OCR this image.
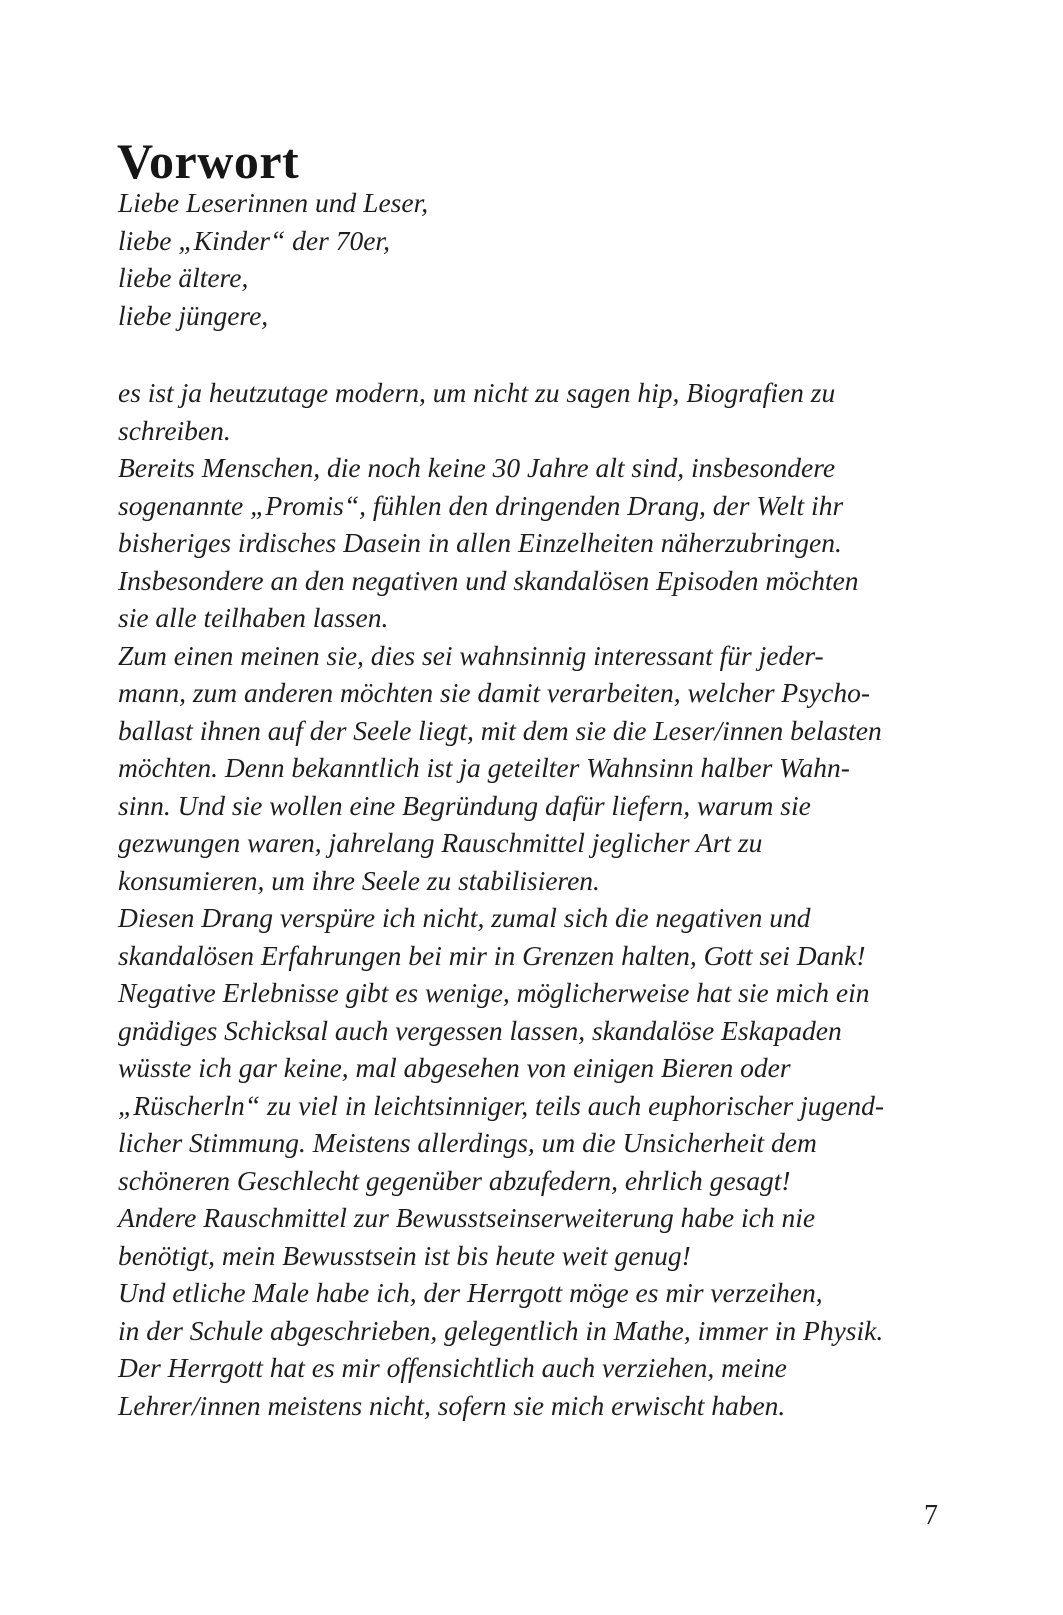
Vorwort
Liebe Leserinnen und Leser,
liebe „Kinder“ der 70er,
liebe ältere,
liebe jüngere,
es ist ja heutzutage modern, um nicht zu sagen hip, Biografien zu
schreiben.
Bereits Menschen, die noch keine 30 Jahre alt sind, insbesondere
sogenannte „Promis“, fühlen den dringenden Drang, der Welt ihr
bisheriges irdisches Dasein in allen Einzelheiten näherzubringen.
Insbesondere an den negativen und skandalösen Episoden möchten
sie alle teilhaben lassen.
Zum einen meinen sie, dies sei wahnsinnig interessant für jeder-
mann, zum anderen möchten sie damit verarbeiten, welcher Psycho-
ballast ihnen auf der Seele liegt, mit dem sie die Leser/innen belasten
möchten. Denn bekanntlich ist ja geteilter Wahnsinn halber Wahn-
sinn. Und sie wollen eine Begründung dafür liefern, warum sie
gezwungen waren, jahrelang Rauschmittel jeglicher Art zu
konsumieren, um ihre Seele zu stabilisieren.
Diesen Drang verspüre ich nicht, zumal sich die negativen und
skandalösen Erfahrungen bei mir in Grenzen halten, Gott sei Dank!
Negative Erlebnisse gibt es wenige, möglicherweise hat sie mich ein
gnädiges Schicksal auch vergessen lassen, skandalöse Eskapaden
wüsste ich gar keine, mal abgesehen von einigen Bieren oder
„Rüscherln“ zu viel in leichtsinniger, teils auch euphorischer jugend-
licher Stimmung. Meistens allerdings, um die Unsicherheit dem
schöneren Geschlecht gegenüber abzufedern, ehrlich gesagt!
Andere Rauschmittel zur Bewusstseinserweiterung habe ich nie
benötigt, mein Bewusstsein ist bis heute weit genug!
Und etliche Male habe ich, der Herrgott möge es mir verzeihen,
in der Schule abgeschrieben, gelegentlich in Mathe, immer in Physik.
Der Herrgott hat es mir offensichtlich auch verziehen, meine
Lehrer/innen meistens nicht, sofern sie mich erwischt haben.
7
